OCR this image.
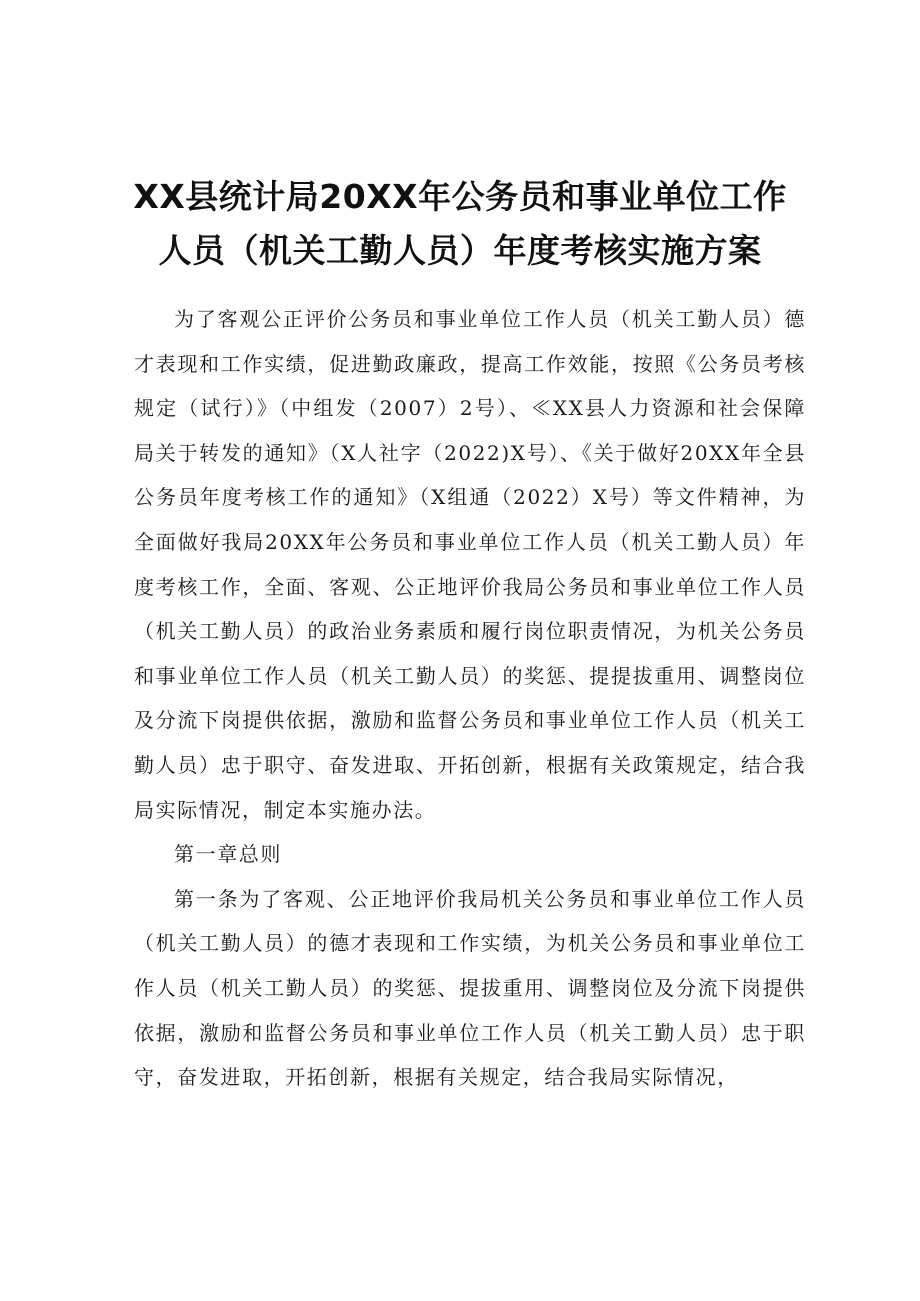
XX县统计局20XX年公务员和事业单位工作
人员（机关工勤人员）年度考核实施方案

为了客观公正评价公务员和事业单位工作人员（机关工勤人员）德才表现和工作实绩，促进勤政廉政，提高工作效能，按照《公务员考核规定（试行）》（中组发（2007）2号）、≪XX县人力资源和社会保障局关于转发的通知》（X人社字（2022)X号）、《关于做好20XX年全县公务员年度考核工作的通知》（X组通（2022）X号）等文件精神，为全面做好我局20XX年公务员和事业单位工作人员（机关工勤人员）年度考核工作，全面、客观、公正地评价我局公务员和事业单位工作人员（机关工勤人员）的政治业务素质和履行岗位职责情况，为机关公务员和事业单位工作人员（机关工勤人员）的奖惩、提提拔重用、调整岗位及分流下岗提供依据，激励和监督公务员和事业单位工作人员（机关工勤人员）忠于职守、奋发进取、开拓创新，根据有关政策规定，结合我局实际情况，制定本实施办法。

第一章总则

第一条为了客观、公正地评价我局机关公务员和事业单位工作人员（机关工勤人员）的德才表现和工作实绩，为机关公务员和事业单位工作人员（机关工勤人员）的奖惩、提拔重用、调整岗位及分流下岗提供依据，激励和监督公务员和事业单位工作人员（机关工勤人员）忠于职守，奋发进取，开拓创新，根据有关规定，结合我局实际情况，
